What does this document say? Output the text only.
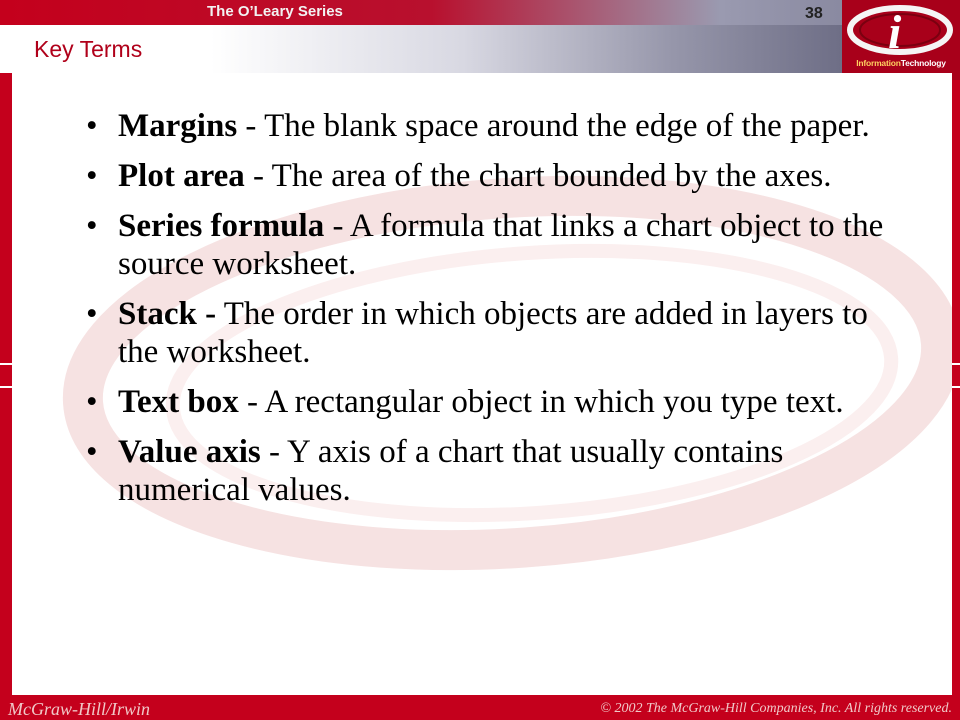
The O’Leary Series
Key Terms
38 i
InformationTechnology
• Margins - The blank space around the edge of the paper.
• Plot area - The area of the chart bounded by the axes.
• Series formula - A formula that links a chart object to the source worksheet.
• Stack - The order in which objects are added in layers to the worksheet.
• Text box - A rectangular object in which you type text.
• Value axis - Y axis of a chart that usually contains numerical values.
McGraw-Hill/Irwin	© 2002 The McGraw-Hill Companies, Inc. All rights reserved.
